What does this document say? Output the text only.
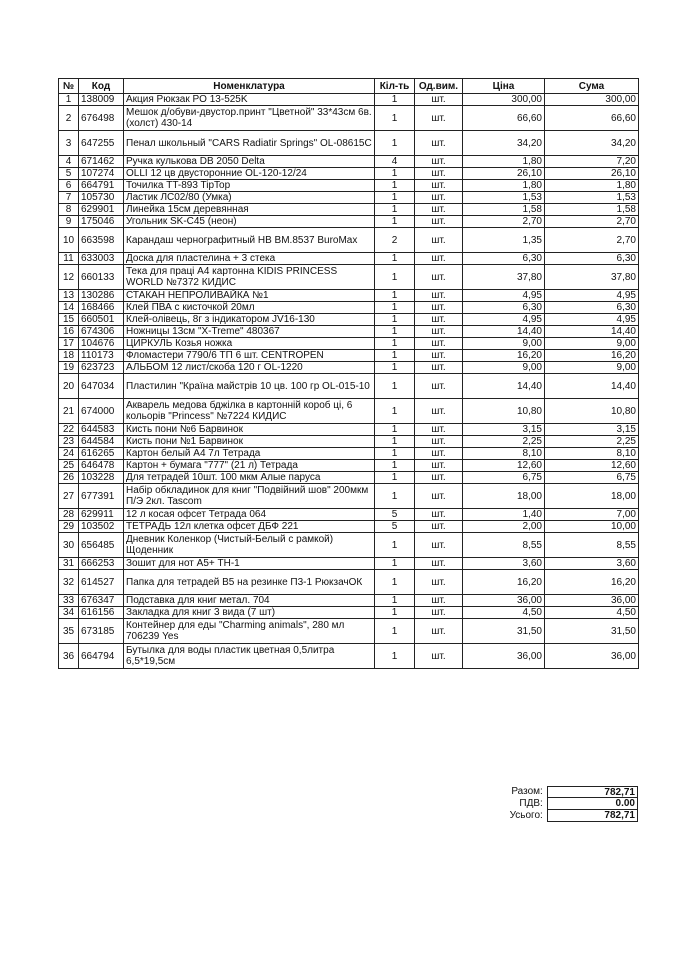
№	Код	Номенклатура	Кіл-ть	Од.вим.	Ціна	Сума
1	138009	Акция Рюкзак PO 13-525K	1	шт.	300,00	300,00
2	676498	Мешок д/обуви-двустор.принт "Цветной" 33*43см 6в.(холст) 430-14	1	шт.	66,60	66,60
3	647255	Пенал школьный "CARS Radiatir Springs" OL-08615C	1	шт.	34,20	34,20
4	671462	Ручка кулькова DB 2050 Delta	4	шт.	1,80	7,20
5	107274	OLLI 12 цв двусторонние OL-120-12/24	1	шт.	26,10	26,10
6	664791	Точилка TT-893 TipTop	1	шт.	1,80	1,80
7	105730	Ластик ЛС02/80 (Умка)	1	шт.	1,53	1,53
8	629901	Линейка 15см деревянная	1	шт.	1,58	1,58
9	175046	Угольник SK-C45 (неон)	1	шт.	2,70	2,70
10	663598	Карандаш чернографитный HB BM.8537 BuroMax	2	шт.	1,35	2,70
11	633003	Доска для пластелина + 3 стека	1	шт.	6,30	6,30
12	660133	Тека для праці А4 картонна KIDIS PRINCESS WORLD №7372 КИДИС	1	шт.	37,80	37,80
13	130286	СТАКАН НЕПРОЛИВАЙКА №1	1	шт.	4,95	4,95
14	168466	Клей ПВА с кисточкой 20мл	1	шт.	6,30	6,30
15	660501	Клей-олівець, 8г з індикатором JV16-130	1	шт.	4,95	4,95
16	674306	Ножницы 13см "X-Treme" 480367	1	шт.	14,40	14,40
17	104676	ЦИРКУЛЬ Козья ножка	1	шт.	9,00	9,00
18	110173	Фломастери 7790/6 TП 6 шт. CENTROPEN	1	шт.	16,20	16,20
19	623723	АЛЬБОМ 12 лист/скоба 120 г OL-1220	1	шт.	9,00	9,00
20	647034	Пластилин "Країна майстрів 10 цв. 100 гр OL-015-10	1	шт.	14,40	14,40
21	674000	Акварель медова бджілка в картонній короб ці, 6 кольорів "Princess" №7224 КИДИС	1	шт.	10,80	10,80
22	644583	Кисть пони №6 Барвинок	1	шт.	3,15	3,15
23	644584	Кисть пони №1 Барвинок	1	шт.	2,25	2,25
24	616265	Картон белый А4 7л Тетрада	1	шт.	8,10	8,10
25	646478	Картон + бумага "777" (21 л) Тетрада	1	шт.	12,60	12,60
26	103228	Для тетрадей 10шт. 100 мкм Алые паруса	1	шт.	6,75	6,75
27	677391	Набір обкладинок для книг "Подвійний шов" 200мкм П/Э 2кл. Tascom	1	шт.	18,00	18,00
28	629911	12 л косая офсет Тетрада 064	5	шт.	1,40	7,00
29	103502	ТЕТРАДЬ 12л клетка офсет ДБФ 221	5	шт.	2,00	10,00
30	656485	Дневник Коленкор (Чистый-Белый с рамкой) Щоденник	1	шт.	8,55	8,55
31	666253	Зошит для нот А5+ ТН-1	1	шт.	3,60	3,60
32	614527	Папка для тетрадей В5 на резинке П3-1 РюкзачОК	1	шт.	16,20	16,20
33	676347	Подставка для книг метал. 704	1	шт.	36,00	36,00
34	616156	Закладка для книг 3 вида (7 шт)	1	шт.	4,50	4,50
35	673185	Контейнер для еды "Charming animals", 280 мл 706239 Yes	1	шт.	31,50	31,50
36	664794	Бутылка для воды пластик цветная 0,5литра 6,5*19,5см	1	шт.	36,00	36,00
Разом:	782,71
ПДВ:	0.00
Усього:	782,71
